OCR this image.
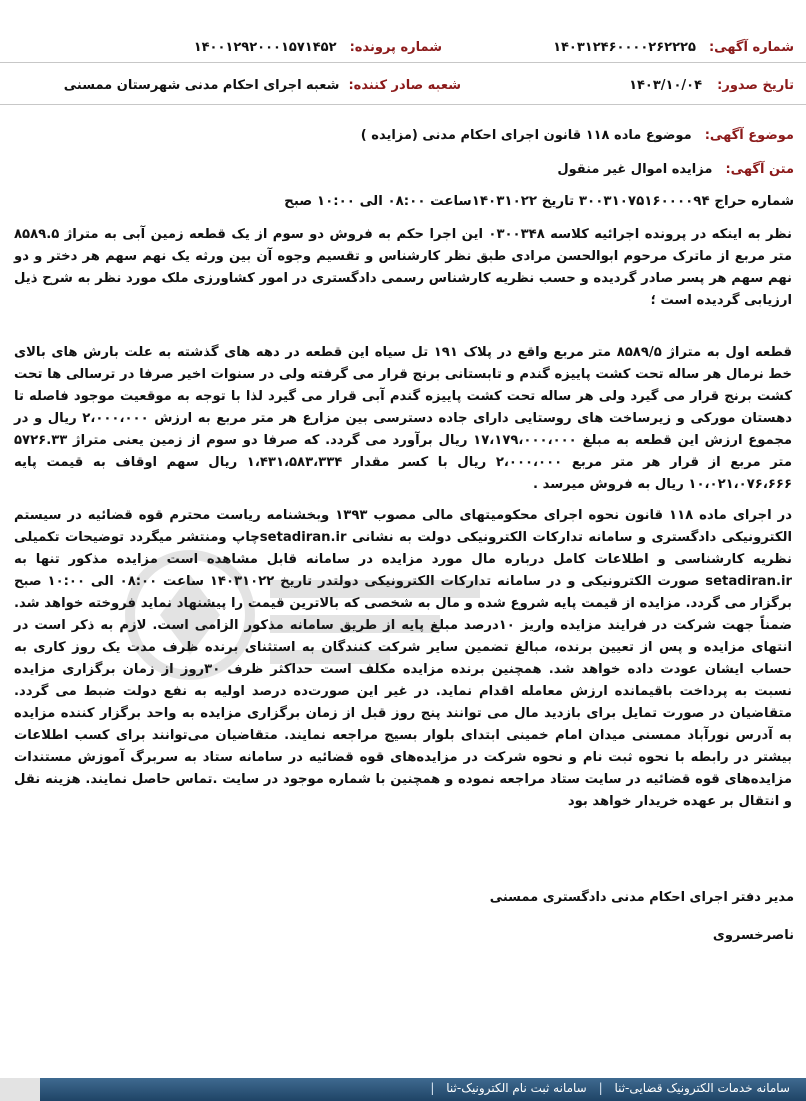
شماره آگهی: ۱۴۰۳۱۲۴۶۰۰۰۰۲۶۲۲۲۵
شماره پرونده: ۱۴۰۰۱۲۹۲۰۰۰۱۵۷۱۴۵۲
تاریخ صدور: ۱۴۰۳/۱۰/۰۴
شعبه صادر کننده: شعبه اجرای احکام مدنی شهرستان ممسنی
موضوع آگهی: موضوع ماده ۱۱۸ قانون اجرای احکام مدنی (مزایده )
متن آگهی: مزایده اموال غیر منقول
شماره حراج ۳۰۰۳۱۰۷۵۱۶۰۰۰۰۹۴ تاریخ ۱۴۰۳۱۰۲۲ساعت ۰۸:۰۰ الی ۱۰:۰۰ صبح
نظر به اینکه در پرونده اجرائیه کلاسه ۰۳۰۰۳۴۸ این اجرا حکم به فروش دو سوم از یک قطعه زمین آبی به متراژ ۸۵۸۹.۵ متر مربع از ماترک مرحوم ابوالحسن مرادی طبق نظر کارشناس و تقسیم وجوه آن بین ورثه یک نهم سهم هر دختر و دو نهم سهم هر پسر صادر گردیده و حسب نظریه کارشناس رسمی دادگستری در امور کشاورزی ملک مورد نظر به شرح ذیل ارزیابی گردیده است ؛
قطعه اول به متراژ ۸۵۸۹/۵ متر مربع واقع در پلاک ۱۹۱ تل سیاه این قطعه در دهه های گذشته به علت بارش های بالای خط نرمال هر ساله تحت کشت پاییزه گندم و تابستانی برنج قرار می گرفته ولی در سنوات اخیر صرفا در ترسالی ها تحت کشت برنج قرار می گیرد ولی هر ساله تحت کشت پاییزه گندم آبی قرار می گیرد لذا با توجه به موقعیت موجود فاصله تا دهستان مورکی و زیرساخت های روستایی دارای جاده دسترسی بین مزارع هر متر مربع به ارزش ۲،۰۰۰،۰۰۰ ریال و در مجموع ارزش این قطعه به مبلغ ۱۷،۱۷۹،۰۰۰،۰۰۰ ریال برآورد می گردد. که صرفا دو سوم از زمین یعنی متراژ ۵۷۲۶.۳۳ متر مربع از قرار هر متر مربع ۲،۰۰۰،۰۰۰ ریال با کسر مقدار ۱،۴۳۱،۵۸۳،۳۳۴ ریال سهم اوقاف به قیمت پایه ۱۰،۰۲۱،۰۷۶،۶۶۶ ریال به فروش میرسد .
در اجرای ماده ۱۱۸ قانون نحوه اجرای محکومیتهای مالی مصوب ۱۳۹۳ وبخشنامه ریاست محترم قوه قضائیه در سیستم الکترونیکی دادگستری و سامانه تدارکات الکترونیکی دولت به نشانی setadiran.irچاپ ومنتشر میگردد توضیحات تکمیلی نظریه کارشناسی و اطلاعات کامل درباره مال مورد مزایده در سامانه قابل مشاهده است مزایده مذکور تنها به setadiran.ir صورت الکترونیکی و در سامانه تدارکات الکترونیکی دولتدر تاریخ ۱۴۰۳۱۰۲۲ ساعت ۰۸:۰۰ الی ۱۰:۰۰ صبح برگزار می گردد. مزایده از قیمت پایه شروع شده و مال به شخصی که بالاترین قیمت را پیشنهاد نماید فروخته خواهد شد. ضمناً جهت شرکت در فرایند مزایده واریز ۱۰درصد مبلغ پایه از طریق سامانه مذکور الزامی است. لازم به ذکر است در انتهای مزایده و پس از تعیین برنده، مبالغ تضمین سایر شرکت کنندگان به استثنای برنده ظرف مدت یک روز کاری به حساب ایشان عودت داده خواهد شد. همچنین برنده مزایده مکلف است حداکثر ظرف ۳۰روز از زمان برگزاری مزایده نسبت به پرداخت باقیمانده ارزش معامله اقدام نماید. در غیر این صورت‌ده درصد اولیه به نفع دولت ضبط می گردد. متقاضیان در صورت تمایل برای بازدید مال می توانند پنج روز قبل از زمان برگزاری مزایده به واحد برگزار کننده مزایده به آدرس نورآباد ممسنی میدان امام خمینی ابتدای بلوار بسیج مراجعه نمایند. متقاضیان می‌توانند برای کسب اطلاعات بیشتر در رابطه با نحوه ثبت نام و نحوه شرکت در مزایده‌های قوه قضائیه در سامانه ستاد به سربرگ آموزش مستندات مزایده‌های قوه قضائیه در سایت ستاد مراجعه نموده و همچنین با شماره موجود در سایت .تماس حاصل نمایند. هزینه نقل و انتقال بر عهده خریدار خواهد بود
مدیر دفتر اجرای احکام مدنی دادگستری ممسنی
ناصرخسروی
سامانه خدمات الکترونیک قضایی-ثنا | سامانه ثبت نام الکترونیک-ثنا |
